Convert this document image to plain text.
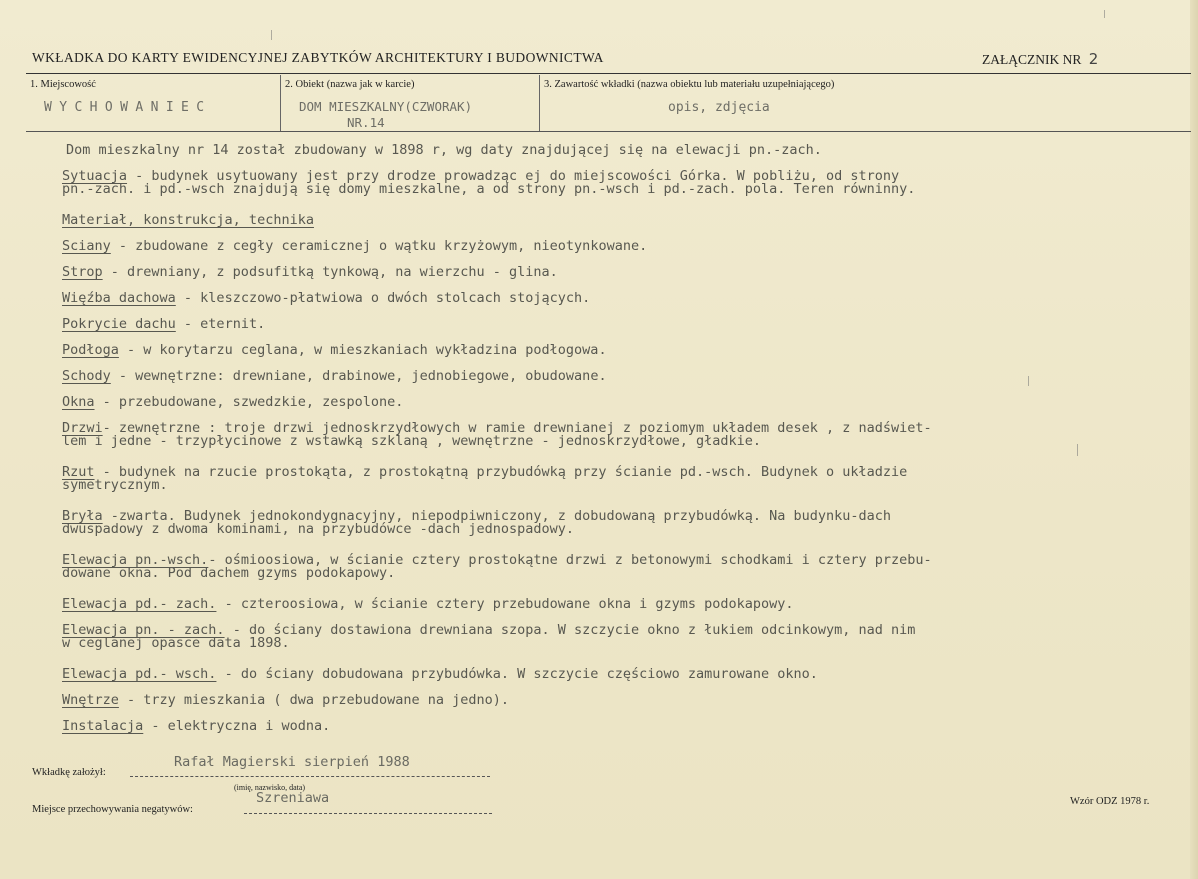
WKŁADKA DO KARTY EWIDENCYJNEJ ZABYTKÓW ARCHITEKTURY I BUDOWNICTWA	ZAŁĄCZNIK NR 2
1. Miejscowość
WYCHOWANIEC
2. Obiekt (nazwa jak w karcie)
DOM MIESZKALNY(CZWORAK)
NR.14
3. Zawartość wkładki (nazwa obiektu lub materiału uzupełniającego)
opis, zdjęcia
Dom mieszkalny nr 14 został zbudowany w 1898 r, wg daty znajdującej się na elewacji pn.-zach.
Sytuacja - budynek usytuowany jest przy drodze prowadząc ej do miejscowości Górka. W pobliżu, od strony
pn.-zach. i pd.-wsch znajdują się domy mieszkalne, a od strony pn.-wsch i pd.-zach. pola. Teren równinny.
Materiał, konstrukcja, technika
Sciany - zbudowane z cegły ceramicznej o wątku krzyżowym, nieotynkowane.
Strop - drewniany, z podsufitką tynkową, na wierzchu - glina.
Więźba dachowa - kleszczowo-płatwiowa o dwóch stolcach stojących.
Pokrycie dachu - eternit.
Podłoga - w korytarzu ceglana, w mieszkaniach wykładzina podłogowa.
Schody - wewnętrzne: drewniane, drabinowe, jednobiegowe, obudowane.
Okna - przebudowane, szwedzkie, zespolone.
Drzwi- zewnętrzne : troje drzwi jednoskrzydłowych w ramie drewnianej z poziomym układem desek , z nadświet-
lem i jedne - trzypłycinowe z wstawką szklaną , wewnętrzne - jednoskrzydłowe, gładkie.
Rzut - budynek na rzucie prostokąta, z prostokątną przybudówką przy ścianie pd.-wsch. Budynek o układzie
symetrycznym.
Bryła -zwarta. Budynek jednokondygnacyjny, niepodpiwniczony, z dobudowaną przybudówką. Na budynku-dach
dwuspadowy z dwoma kominami, na przybudówce -dach jednospadowy.
Elewacja pn.-wsch.- ośmioosiowa, w ścianie cztery prostokątne drzwi z betonowymi schodkami i cztery przebu-
dowane okna. Pod dachem gzyms podokapowy.
Elewacja pd.- zach. - czteroosiowa, w ścianie cztery przebudowane okna i gzyms podokapowy.
Elewacja pn. - zach. - do ściany dostawiona drewniana szopa. W szczycie okno z łukiem odcinkowym, nad nim
w ceglanej opasce data 1898.
Elewacja pd.- wsch. - do ściany dobudowana przybudówka. W szczycie częściowo zamurowane okno.
Wnętrze - trzy mieszkania ( dwa przebudowane na jedno).
Instalacja - elektryczna i wodna.
Wkładkę założył:
Rafał Magierski sierpień 1988
(imię, nazwisko, data)
Miejsce przechowywania negatywów:
Szreniawa	Wzór ODZ 1978 r.
